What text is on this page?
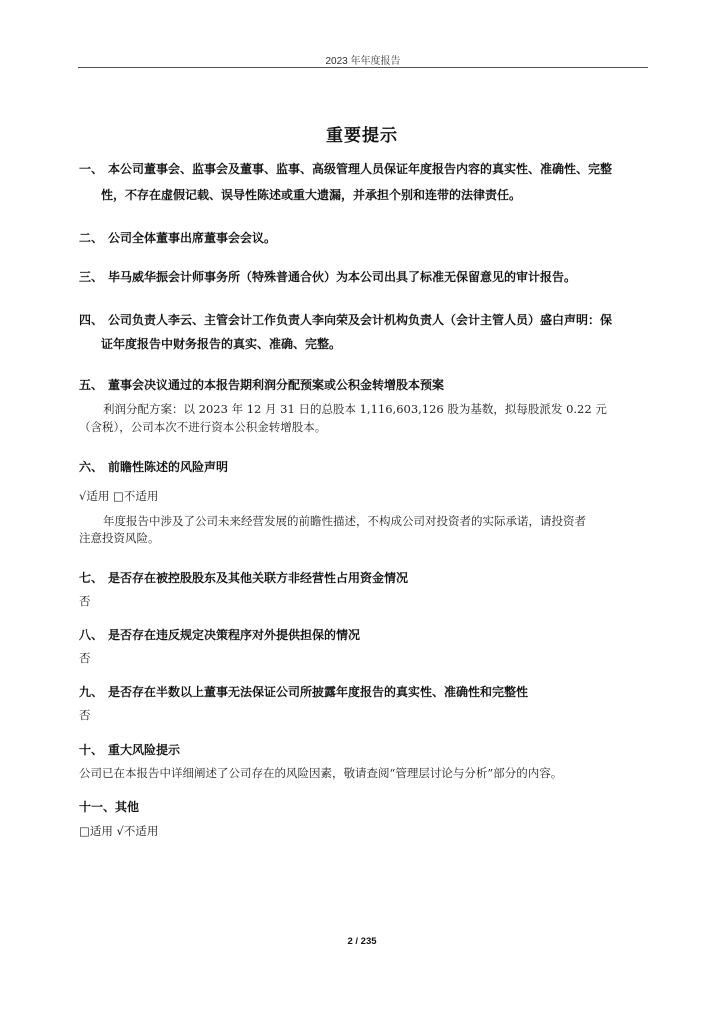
2023 年年度报告
重要提示
一、 本公司董事会、监事会及董事、监事、高级管理人员保证年度报告内容的真实性、准确性、完整
性，不存在虚假记载、误导性陈述或重大遗漏，并承担个别和连带的法律责任。
二、 公司全体董事出席董事会会议。
三、 毕马威华振会计师事务所（特殊普通合伙）为本公司出具了标准无保留意见的审计报告。
四、 公司负责人李云、主管会计工作负责人李向荣及会计机构负责人（会计主管人员）盛白声明：保
证年度报告中财务报告的真实、准确、完整。
五、 董事会决议通过的本报告期利润分配预案或公积金转增股本预案
利润分配方案：以 2023 年 12 月 31 日的总股本 1,116,603,126 股为基数，拟每股派发 0.22 元
（含税），公司本次不进行资本公积金转增股本。
六、 前瞻性陈述的风险声明
√适用 □不适用
年度报告中涉及了公司未来经营发展的前瞻性描述，不构成公司对投资者的实际承诺，请投资者
注意投资风险。
七、 是否存在被控股股东及其他关联方非经营性占用资金情况
否
八、 是否存在违反规定决策程序对外提供担保的情况
否
九、 是否存在半数以上董事无法保证公司所披露年度报告的真实性、准确性和完整性
否
十、 重大风险提示
公司已在本报告中详细阐述了公司存在的风险因素，敬请查阅“管理层讨论与分析”部分的内容。
十一、其他
□适用 √不适用
2 / 235
